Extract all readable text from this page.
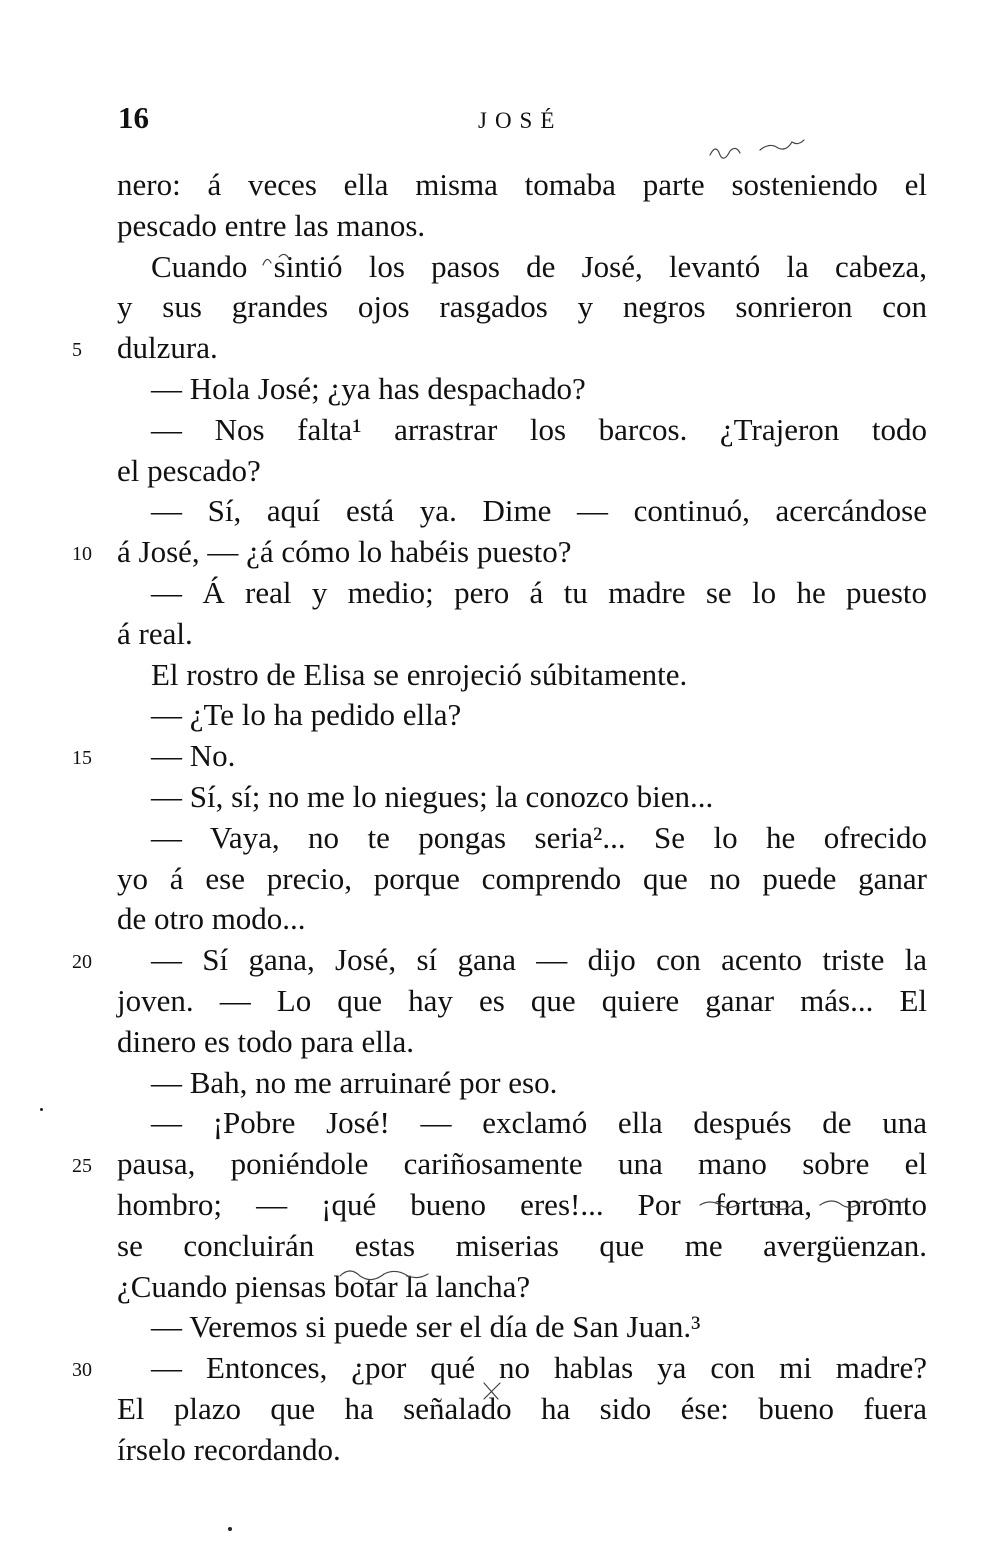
16	JOSÉ
nero: á veces ella misma tomaba parte sosteniendo el
pescado entre las manos.
Cuando sintió los pasos de José, levantó la cabeza,
y sus grandes ojos rasgados y negros sonrieron con
5	dulzura.
— Hola José; ¿ya has despachado?
— Nos falta¹ arrastrar los barcos. ¿Trajeron todo
el pescado?
— Sí, aquí está ya. Dime — continuó, acercándose
10 á José, — ¿á cómo lo habéis puesto?
— Á real y medio; pero á tu madre se lo he puesto
á real.
El rostro de Elisa se enrojeció súbitamente.
— ¿Te lo ha pedido ella?
15	— No.
— Sí, sí; no me lo niegues; la conozco bien...
— Vaya, no te pongas seria²... Se lo he ofrecido
yo á ese precio, porque comprendo que no puede ganar
de otro modo...
20	— Sí gana, José, sí gana — dijo con acento triste la
joven. — Lo que hay es que quiere ganar más... El
dinero es todo para ella.
— Bah, no me arruinaré por eso.
— ¡Pobre José! — exclamó ella después de una
25 pausa, poniéndole cariñosamente una mano sobre el
hombro; — ¡qué bueno eres!... Por fortuna, pronto
se concluirán estas miserias que me avergüenzan.
¿Cuando piensas botar la lancha?
— Veremos si puede ser el día de San Juan.³
30	— Entonces, ¿por qué no hablas ya con mi madre?
El plazo que ha señalado ha sido ése: bueno fuera
írselo recordando.
